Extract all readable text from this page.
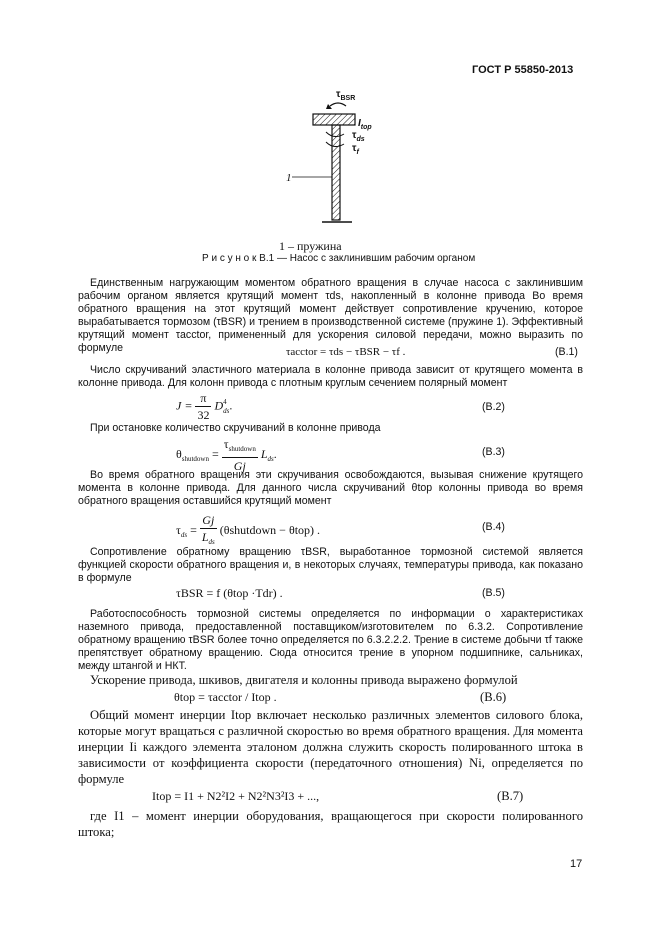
ГОСТ Р 55850-2013
$\tau_{BSR}$
$I_{top}$
$\tau_{ds}$
$\tau_f$
1
1 – пружина
Р и с у н о к В.1 — Насос с заклинившим рабочим органом
Единственным нагружающим моментом обратного вращения в случае насоса с заклинившим рабочим органом является крутящий момент τds, накопленный в колонне привода Во время обратного вращения на этот крутящий момент действует сопротивление кручению, которое вырабатывается тормозом (τBSR) и трением в производственной системе (пружине 1). Эффективный крутящий момент τacctor, примененный для ускорения силовой передачи, можно выразить по формуле	τacctor = τds − τBSR − τf .	(В.1)
Число скручиваний эластичного материала в колонне привода зависит от крутящего момента в колонне привода. Для колонн привода с плотным круглым сечением полярный момент
$J = \frac{\pi}{32}$ D 4
ds .	(В.2)
При остановке количество скручиваний в колонне привода
$\theta_{shutdown} = \frac{\tau_{shutdown}}{Gj} L_{ds}$.	(В.3)
Во время обратного вращения эти скручивания освобождаются, вызывая снижение крутящего момента в колонне привода. Для данного числа скручиваний θtop колонны привода во время обратного вращения оставшийся крутящий момент
$\tau_{ds} = \frac{Gj}{L_{ds}}$ (θshutdown − θtop) .	(В.4)
Сопротивление обратному вращению τBSR, выработанное тормозной системой является функцией скорости обратного вращения и, в некоторых случаях, температуры привода, как показано в формуле
τBSR = f (θtop ·Tdr) .	(В.5)
Работоспособность тормозной системы определяется по информации о характеристиках наземного привода, предоставленной поставщиком/изготовителем по 6.3.2. Сопротивление обратному вращению τBSR более точно определяется по 6.3.2.2.2. Трение в системе добычи τf также препятствует обратному вращению. Сюда относится трение в упорном подшипнике, сальниках, между штангой и НКТ.
Ускорение привода, шкивов, двигателя и колонны привода выражено формулой
θtop = τacctor / Itop .	(В.6)
Общий момент инерции Itop включает несколько различных элементов силового блока, которые могут вращаться с различной скоростью во время обратного вращения. Для момента инерции Ii каждого элемента эталоном должна служить скорость полированного штока в зависимости от коэффициента скорости (передаточного отношения) Ni, определяется по формуле
Itop = I1 + N2²I2 + N2²N3²I3 + ...,	(В.7)
где I1 – момент инерции оборудования, вращающегося при скорости полированного штока;
17
